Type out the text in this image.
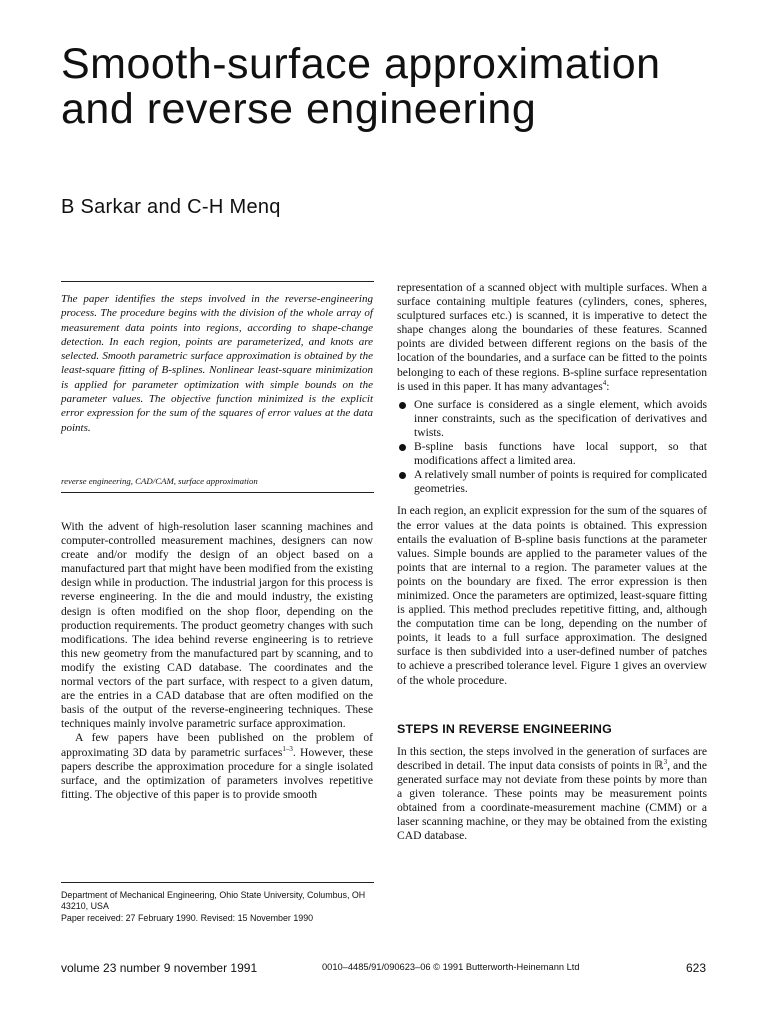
Smooth-surface approximation and reverse engineering
B Sarkar and C-H Menq

The paper identifies the steps involved in the reverse-engineering process. The procedure begins with the division of the whole array of measurement data points into regions, according to shape-change detection. In each region, points are parameterized, and knots are selected. Smooth parametric surface approximation is obtained by the least-square fitting of B-splines. Nonlinear least-square minimization is applied for parameter optimization with simple bounds on the parameter values. The objective function minimized is the explicit error expression for the sum of the squares of error values at the data points.

reverse engineering, CAD/CAM, surface approximation

With the advent of high-resolution laser scanning machines and computer-controlled measurement machines, designers can now create and/or modify the design of an object based on a manufactured part that might have been modified from the existing design while in production. The industrial jargon for this process is reverse engineering. In the die and mould industry, the existing design is often modified on the shop floor, depending on the production requirements. The product geometry changes with such modifications. The idea behind reverse engineering is to retrieve this new geometry from the manufactured part by scanning, and to modify the existing CAD database. The coordinates and the normal vectors of the part surface, with respect to a given datum, are the entries in a CAD database that are often modified on the basis of the output of the reverse-engineering techniques. These techniques mainly involve parametric surface approximation.

A few papers have been published on the problem of approximating 3D data by parametric surfaces$^{1-3}$. However, these papers describe the approximation procedure for a single isolated surface, and the optimization of parameters involves repetitive fitting. The objective of this paper is to provide smooth

representation of a scanned object with multiple surfaces. When a surface containing multiple features (cylinders, cones, spheres, sculptured surfaces etc.) is scanned, it is imperative to detect the shape changes along the boundaries of these features. Scanned points are divided between different regions on the basis of the location of the boundaries, and a surface can be fitted to the points belonging to each of these regions. B-spline surface representation is used in this paper. It has many advantages$^4$:

One surface is considered as a single element, which avoids inner constraints, such as the specification of derivatives and twists.
B-spline basis functions have local support, so that modifications affect a limited area.
A relatively small number of points is required for complicated geometries.

In each region, an explicit expression for the sum of the squares of the error values at the data points is obtained. This expression entails the evaluation of B-spline basis functions at the parameter values. Simple bounds are applied to the parameter values of the points that are internal to a region. The parameter values at the points on the boundary are fixed. The error expression is then minimized. Once the parameters are optimized, least-square fitting is applied. This method precludes repetitive fitting, and, although the computation time can be long, depending on the number of points, it leads to a full surface approximation. The designed surface is then subdivided into a user-defined number of patches to achieve a prescribed tolerance level. Figure 1 gives an overview of the whole procedure.

STEPS IN REVERSE ENGINEERING

In this section, the steps involved in the generation of surfaces are described in detail. The input data consists of points in ℝ$^3$, and the generated surface may not deviate from these points by more than a given tolerance. These points may be measurement points obtained from a coordinate-measurement machine (CMM) or a laser scanning machine, or they may be obtained from the existing CAD database.

Department of Mechanical Engineering, Ohio State University, Columbus, OH 43210, USA
Paper received: 27 February 1990. Revised: 15 November 1990
volume 23 number 9 november 1991	0010–4485/91/090623–06 © 1991 Butterworth-Heinemann Ltd	623
